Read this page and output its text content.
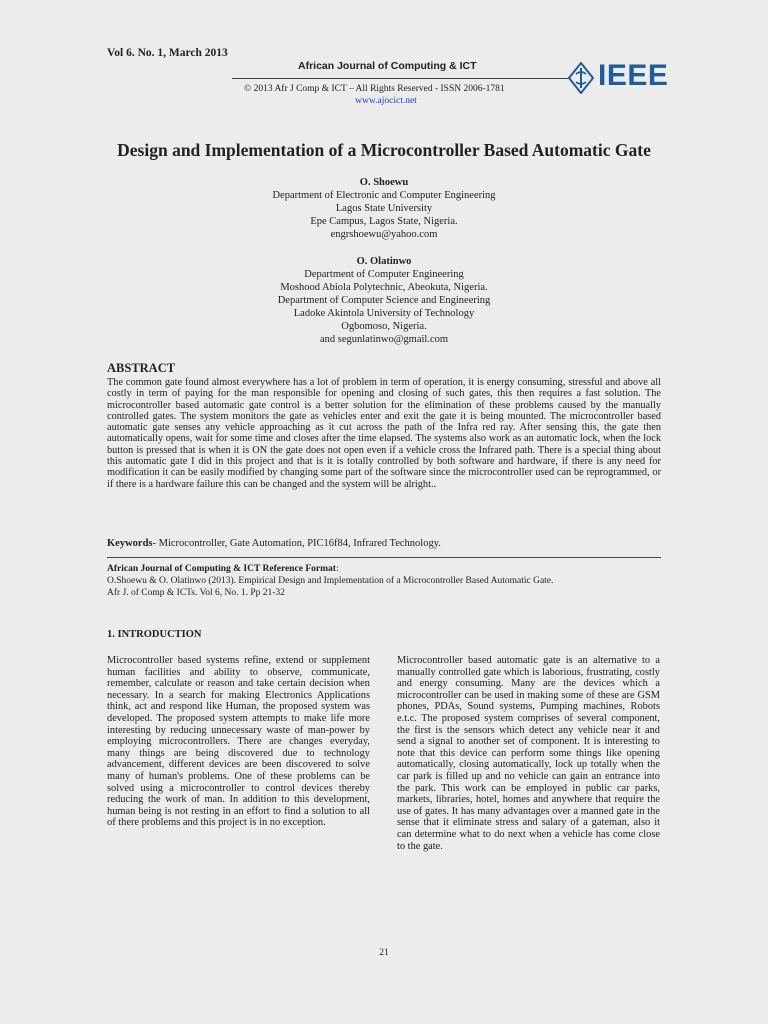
Vol 6. No. 1, March 2013
African Journal of Computing & ICT	IEEE
© 2013 Afr J Comp & ICT – All Rights Reserved - ISSN 2006-1781
www.ajocict.net
Design and Implementation of a Microcontroller Based Automatic Gate
O. Shoewu
Department of Electronic and Computer Engineering
Lagos State University
Epe Campus, Lagos State, Nigeria.
engrshoewu@yahoo.com
O. Olatinwo
Department of Computer Engineering
Moshood Abiola Polytechnic, Abeokuta, Nigeria.
Department of Computer Science and Engineering
Ladoke Akintola University of Technology
Ogbomoso, Nigeria.
and segunlatinwo@gmail.com
ABSTRACT
The common gate found almost everywhere has a lot of problem in term of operation, it is energy consuming, stressful and above all costly in term of paying for the man responsible for opening and closing of such gates, this then requires a fast solution. The microcontroller based automatic gate control is a better solution for the elimination of these problems caused by the manually controlled gates. The system monitors the gate as vehicles enter and exit the gate it is being mounted. The microcontroller based automatic gate senses any vehicle approaching as it cut across the path of the Infra red ray. After sensing this, the gate then automatically opens, wait for some time and closes after the time elapsed. The systems also work as an automatic lock, when the lock button is pressed that is when it is ON the gate does not open even if a vehicle cross the Infrared path. There is a special thing about this automatic gate I did in this project and that is it is totally controlled by both software and hardware, if there is any need for modification it can be easily modified by changing some part of the software since the microcontroller used can be reprogrammed, or if there is a hardware failure this can be changed and the system will be alright..
Keywords- Microcontroller, Gate Automation, PIC16f84, Infrared Technology.
African Journal of Computing & ICT Reference Format:
O.Shoewu & O. Olatinwo (2013). Empirical Design and Implementation of a Microcontroller Based Automatic Gate.
Afr J. of Comp & ICTs. Vol 6, No. 1. Pp 21-32
1. INTRODUCTION
Microcontroller based systems refine, extend or supplement human facilities and ability to observe, communicate, remember, calculate or reason and take certain decision when necessary. In a search for making Electronics Applications think, act and respond like Human, the proposed system was developed. The proposed system attempts to make life more interesting by reducing unnecessary waste of man-power by employing microcontrollers. There are changes everyday, many things are being discovered due to technology advancement, different devices are been discovered to solve many of human's problems. One of these problems can be solved using a microcontroller to control devices thereby reducing the work of man. In addition to this development, human being is not resting in an effort to find a solution to all of there problems and this project is in no exception.
Microcontroller based automatic gate is an alternative to a manually controlled gate which is laborious, frustrating, costly and energy consuming. Many are the devices which a microcontroller can be used in making some of these are GSM phones, PDAs, Sound systems, Pumping machines, Robots e.t.c. The proposed system comprises of several component, the first is the sensors which detect any vehicle near it and send a signal to another set of component. It is interesting to note that this device can perform some things like opening automatically, closing automatically, lock up totally when the car park is filled up and no vehicle can gain an entrance into the park. This work can be employed in public car parks, markets, libraries, hotel, homes and anywhere that require the use of gates. It has many advantages over a manned gate in the sense that it eliminate stress and salary of a gateman, also it can determine what to do next when a vehicle has come close to the gate.
21
